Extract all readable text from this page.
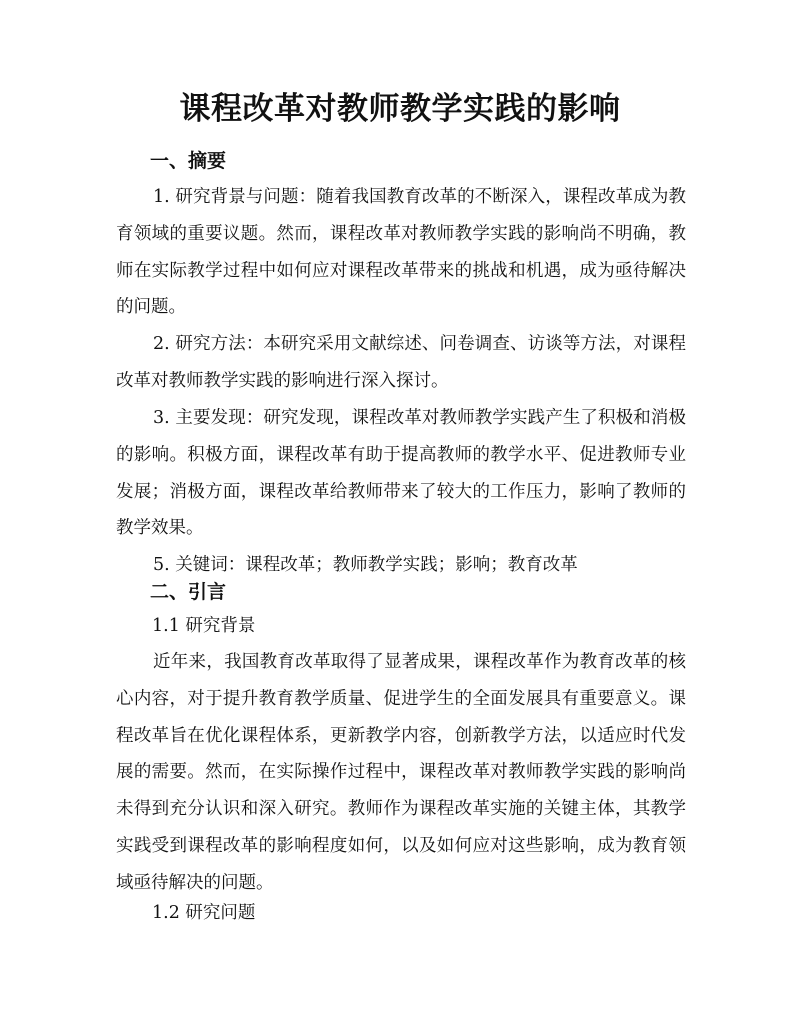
课程改革对教师教学实践的影响
一、摘要

1. 研究背景与问题：随着我国教育改革的不断深入，课程改革成为教育领域的重要议题。然而，课程改革对教师教学实践的影响尚不明确，教师在实际教学过程中如何应对课程改革带来的挑战和机遇，成为亟待解决的问题。

2. 研究方法：本研究采用文献综述、问卷调查、访谈等方法，对课程改革对教师教学实践的影响进行深入探讨。

3. 主要发现：研究发现，课程改革对教师教学实践产生了积极和消极的影响。积极方面，课程改革有助于提高教师的教学水平、促进教师专业发展；消极方面，课程改革给教师带来了较大的工作压力，影响了教师的教学效果。

5. 关键词：课程改革；教师教学实践；影响；教育改革

二、引言
1.1 研究背景

近年来，我国教育改革取得了显著成果，课程改革作为教育改革的核心内容，对于提升教育教学质量、促进学生的全面发展具有重要意义。课程改革旨在优化课程体系，更新教学内容，创新教学方法，以适应时代发展的需要。然而，在实际操作过程中，课程改革对教师教学实践的影响尚未得到充分认识和深入研究。教师作为课程改革实施的关键主体，其教学实践受到课程改革的影响程度如何，以及如何应对这些影响，成为教育领域亟待解决的问题。

1.2 研究问题
